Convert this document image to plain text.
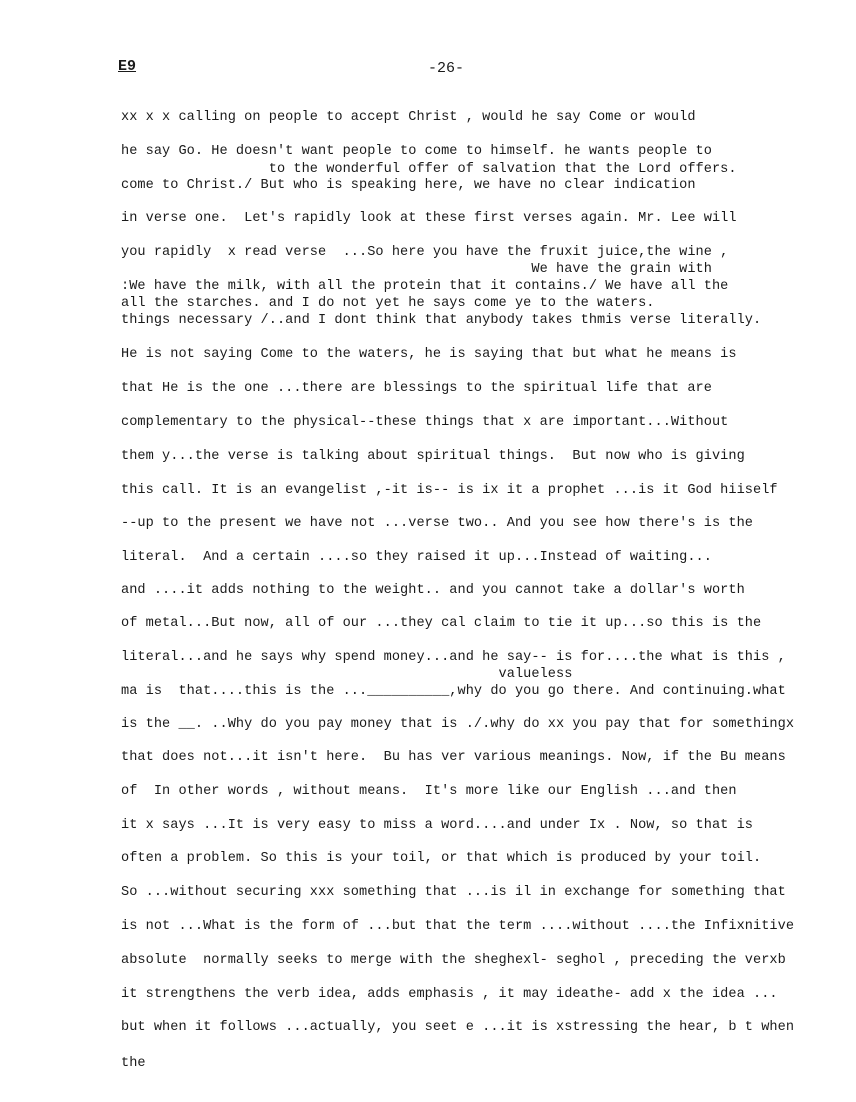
E9	-26-
xx x x calling on people to accept Christ , would he say Come or would
he say Go. He doesn't want people to come to himself. he wants people to
to the wonderful offer of salvation that the Lord offers.
come to Christ./ But who is speaking here, we have no clear indication
in verse one.  Let's rapidly look at these first verses again. Mr. Lee will
you rapidly  x read verse  ...So here you have the fruxit juice,the wine ,
We have the grain with
:We have the milk, with all the protein that it contains./ We have all the
all the starches. and I do not yet he says come ye to the waters.
things necessary /..and I dont think that anybody takes thmis verse literally.
He is not saying Come to the waters, he is saying that but what he means is
that He is the one ...there are blessings to the spiritual life that are
complementary to the physical--these things that x are important...Without
them y...the verse is talking about spiritual things.  But now who is giving
this call. It is an evangelist ,-it is-- is ix it a prophet ...is it God hiiself
--up to the present we have not ...verse two.. And you see how there's is the
literal.  And a certain ....so they raised it up...Instead of waiting...
and ....it adds nothing to the weight.. and you cannot take a dollar's worth
of metal...But now, all of our ...they cal claim to tie it up...so this is the
literal...and he says why spend money...and he say-- is for....the what is this ,
valueless
ma is  that....this is the ...__________,why do you go there. And continuing.what
is the __. ..Why do you pay money that is ./.why do xx you pay that for somethingx
that does not...it isn't here.  Bu has ver various meanings. Now, if the Bu means
of  In other words , without means.  It's more like our English ...and then
it x says ...It is very easy to miss a word....and under Ix . Now, so that is
often a problem. So this is your toil, or that which is produced by your toil.
So ...without securing xxx something that ...is il in exchange for something that
is not ...What is the form of ...but that the term ....without ....the Infixnitive
absolute  normally seeks to merge with the sheghexl- seghol , preceding the verxb
it strengthens the verb idea, adds emphasis , it may ideathe- add x the idea ...
but when it follows ...actually, you seet e ...it is xstressing the hear, b t when
the
